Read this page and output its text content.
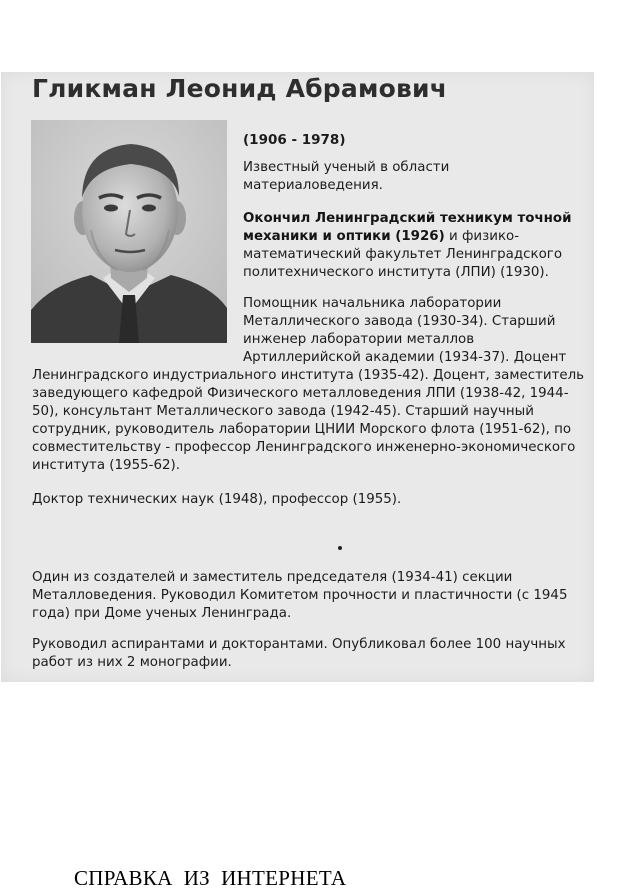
Гликман Леонид Абрамович
(1906 - 1978)
Известный ученый в области материаловедения.
Окончил Ленинградский техникум точной механики и оптики (1926) и физико-математический факультет Ленинградского политехнического института (ЛПИ) (1930).
Помощник начальника лаборатории Металлического завода (1930-34). Старший инженер лаборатории металлов
Артиллерийской академии (1934-37). Доцент
Ленинградского индустриального института (1935-42). Доцент, заместитель заведующего кафедрой Физического металловедения ЛПИ (1938-42, 1944-50), консультант Металлического завода (1942-45). Старший научный сотрудник, руководитель лаборатории ЦНИИ Морского флота (1951-62), по совместительству - профессор Ленинградского инженерно-экономического института (1955-62).
Доктор технических наук (1948), профессор (1955).
Один из создателей и заместитель председателя (1934-41) секции Металловедения. Руководил Комитетом прочности и пластичности (с 1945 года) при Доме ученых Ленинграда.
Руководил аспирантами и докторантами. Опубликовал более 100 научных работ из них 2 монографии.
СПРАВКА  ИЗ  ИНТЕРНЕТА
